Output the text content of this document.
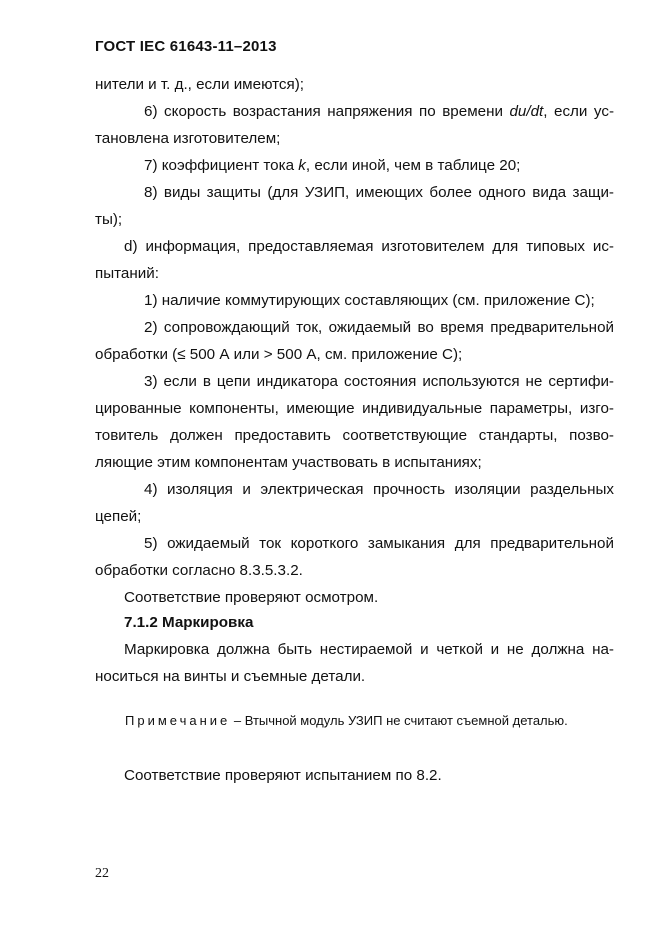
ГОСТ IEC 61643-11–2013
нители и т. д., если имеются);
6) скорость возрастания напряжения по времени du/dt, если ус-
тановлена изготовителем;
7) коэффициент тока k, если иной, чем в таблице 20;
8) виды защиты (для УЗИП, имеющих более одного вида защи-
ты);
d) информация, предоставляемая изготовителем для типовых ис-
пытаний:
1) наличие коммутирующих составляющих (см. приложение С);
2) сопровождающий ток, ожидаемый во время предварительной
обработки (≤ 500 А или > 500 А, см. приложение С);
3) если в цепи индикатора состояния используются не сертифи-
цированные компоненты, имеющие индивидуальные параметры, изго-
товитель должен предоставить соответствующие стандарты, позво-
ляющие этим компонентам участвовать в испытаниях;
4) изоляция и электрическая прочность изоляции раздельных
цепей;
5) ожидаемый ток короткого замыкания для предварительной
обработки согласно 8.3.5.3.2.
Соответствие проверяют осмотром.
7.1.2 Маркировка
Маркировка должна быть нестираемой и четкой и не должна на-
носиться на винты и съемные детали.
Примечание – Втычной модуль УЗИП не считают съемной деталью.
Соответствие проверяют испытанием по 8.2.
22
